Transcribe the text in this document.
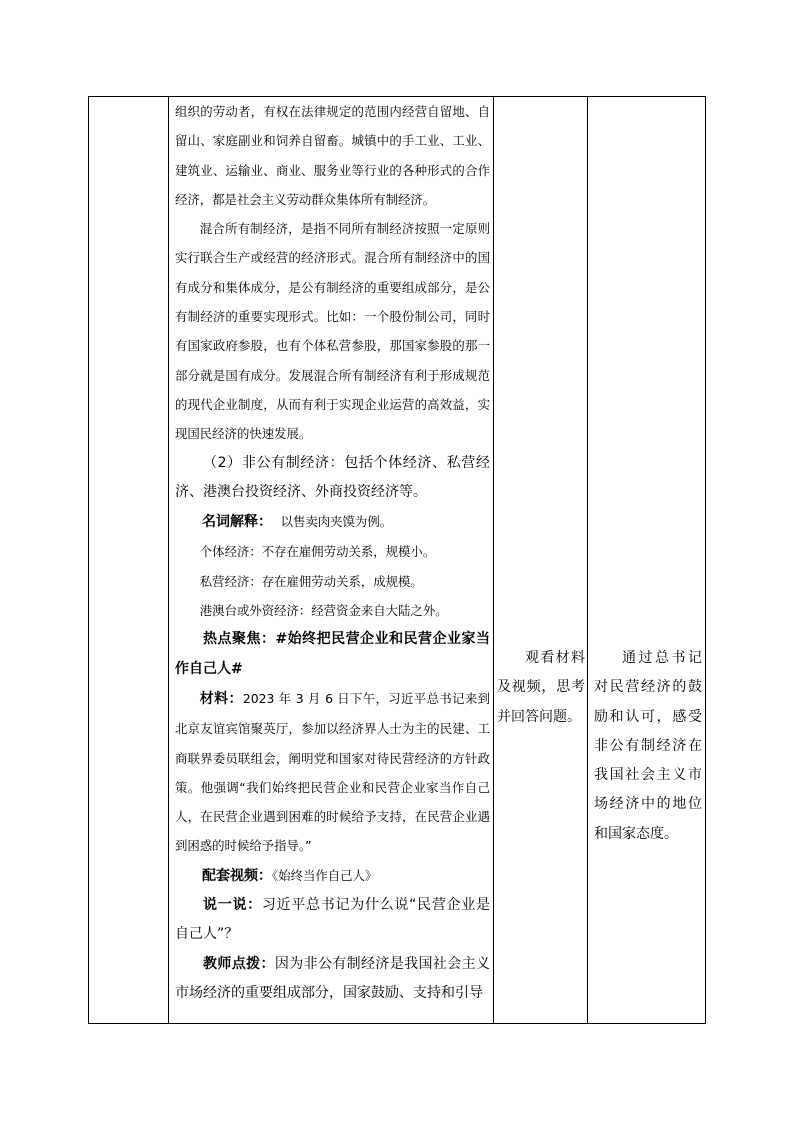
组织的劳动者，有权在法律规定的范围内经营自留地、自留山、家庭副业和饲养自留畜。城镇中的手工业、工业、建筑业、运输业、商业、服务业等行业的各种形式的合作经济，都是社会主义劳动群众集体所有制经济。

混合所有制经济，是指不同所有制经济按照一定原则实行联合生产或经营的经济形式。混合所有制经济中的国有成分和集体成分，是公有制经济的重要组成部分，是公有制经济的重要实现形式。比如：一个股份制公司，同时有国家政府参股，也有个体私营参股，那国家参股的那一部分就是国有成分。发展混合所有制经济有利于形成规范的现代企业制度，从而有利于实现企业运营的高效益，实现国民经济的快速发展。

（2）非公有制经济：包括个体经济、私营经济、港澳台投资经济、外商投资经济等。

名词解释： 以售卖肉夹馍为例。

个体经济：不存在雇佣劳动关系，规模小。

私营经济：存在雇佣劳动关系，成规模。

港澳台或外资经济：经营资金来自大陆之外。

热点聚焦：#始终把民营企业和民营企业家当作自己人#

材料：2023 年 3 月 6 日下午，习近平总书记来到北京友谊宾馆聚英厅，参加以经济界人士为主的民建、工商联界委员联组会，阐明党和国家对待民营经济的方针政策。他强调“我们始终把民营企业和民营企业家当作自己人，在民营企业遇到困难的时候给予支持，在民营企业遇到困惑的时候给予指导。”

配套视频：《始终当作自己人》

说一说：习近平总书记为什么说“民营企业是自己人”？

教师点拨：因为非公有制经济是我国社会主义市场经济的重要组成部分，国家鼓励、支持和引导

观看材料及视频，思考并回答问题。

通过总书记对民营经济的鼓励和认可，感受非公有制经济在我国社会主义市场经济中的地位和国家态度。
